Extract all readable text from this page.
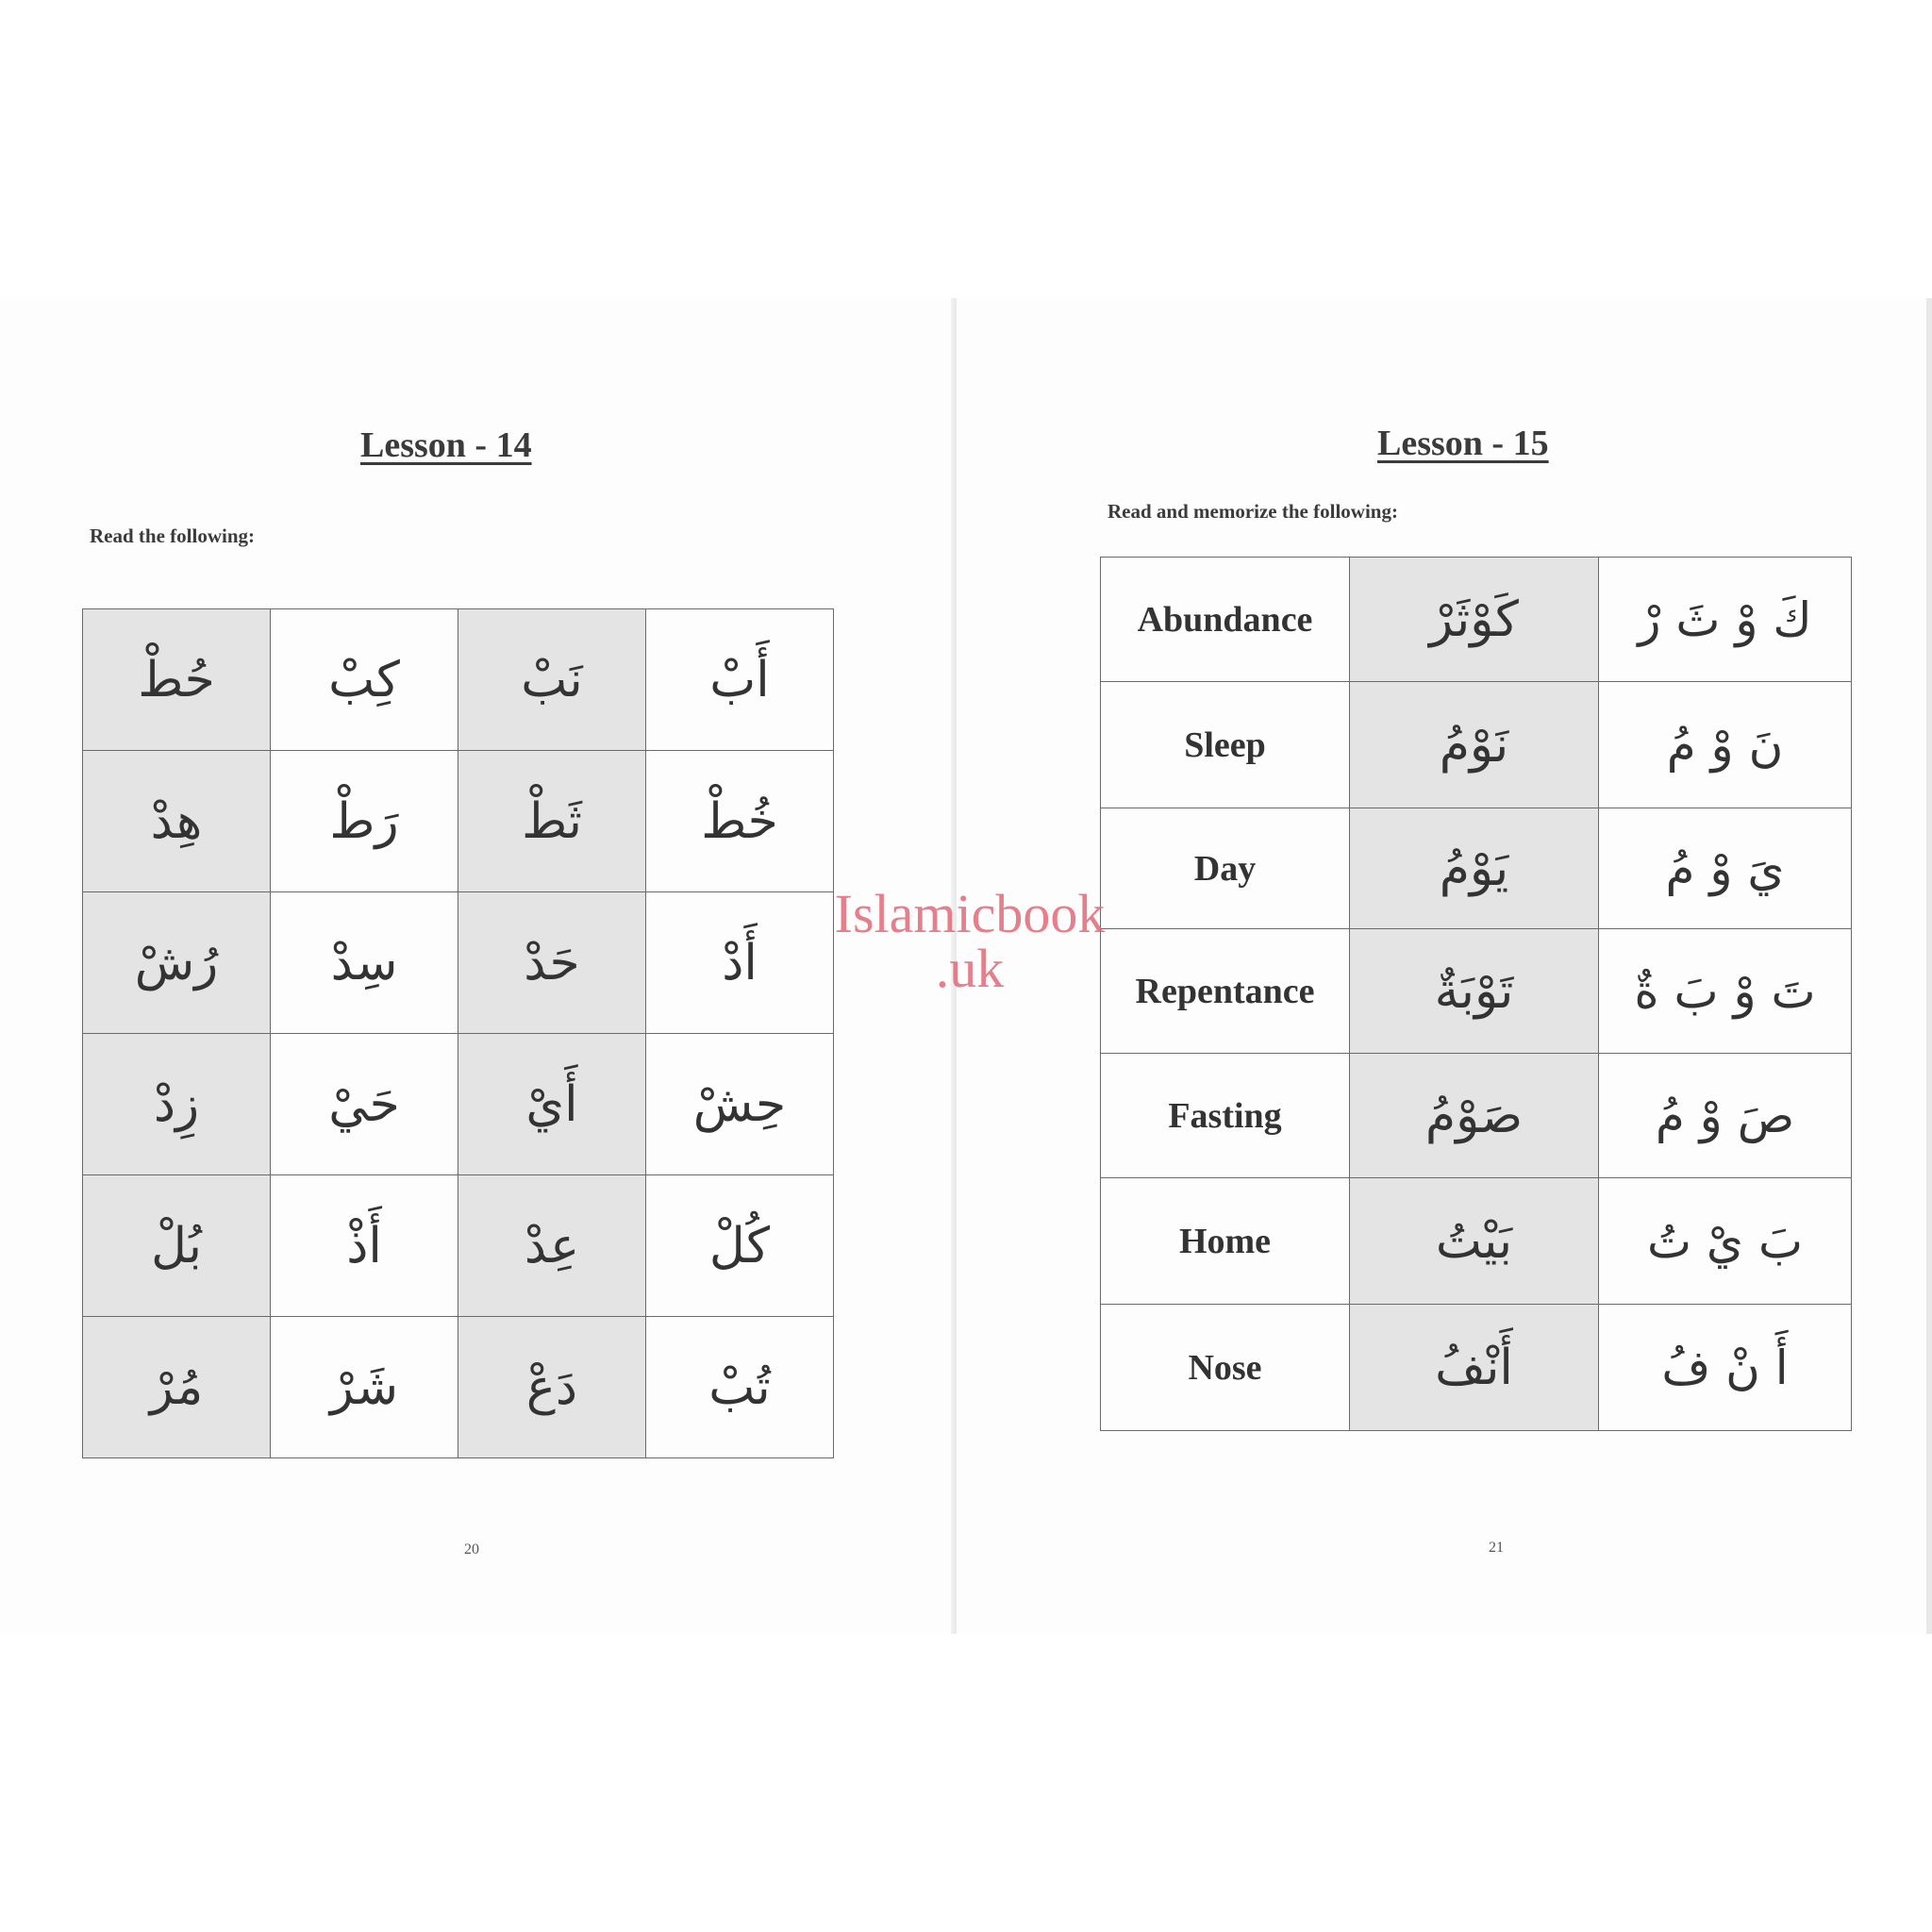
Lesson - 14
Read the following:
حُطْ	كِبْ	نَبْ	أَبْ
هِدْ	رَطْ	ثَطْ	خُطْ
رُشْ	سِدْ	حَدْ	أَدْ
زِدْ	حَيْ	أَيْ	حِشْ
بُلْ	أَذْ	عِدْ	كُلْ
مُرْ	شَرْ	دَعْ	تُبْ
20
Lesson - 15
Read and memorize the following:
Abundance	كَوْثَرْ	كَ وْ ثَ رْ
Sleep	نَوْمُ	نَ وْ مُ
Day	يَوْمُ	يَ وْ مُ
Repentance	تَوْبَةٌ	تَ وْ بَ ةٌ
Fasting	صَوْمُ	صَ وْ مُ
Home	بَيْتُ	بَ يْ تُ
Nose	أَنْفُ	أَ نْ فُ
21
Islamicbook
.uk
